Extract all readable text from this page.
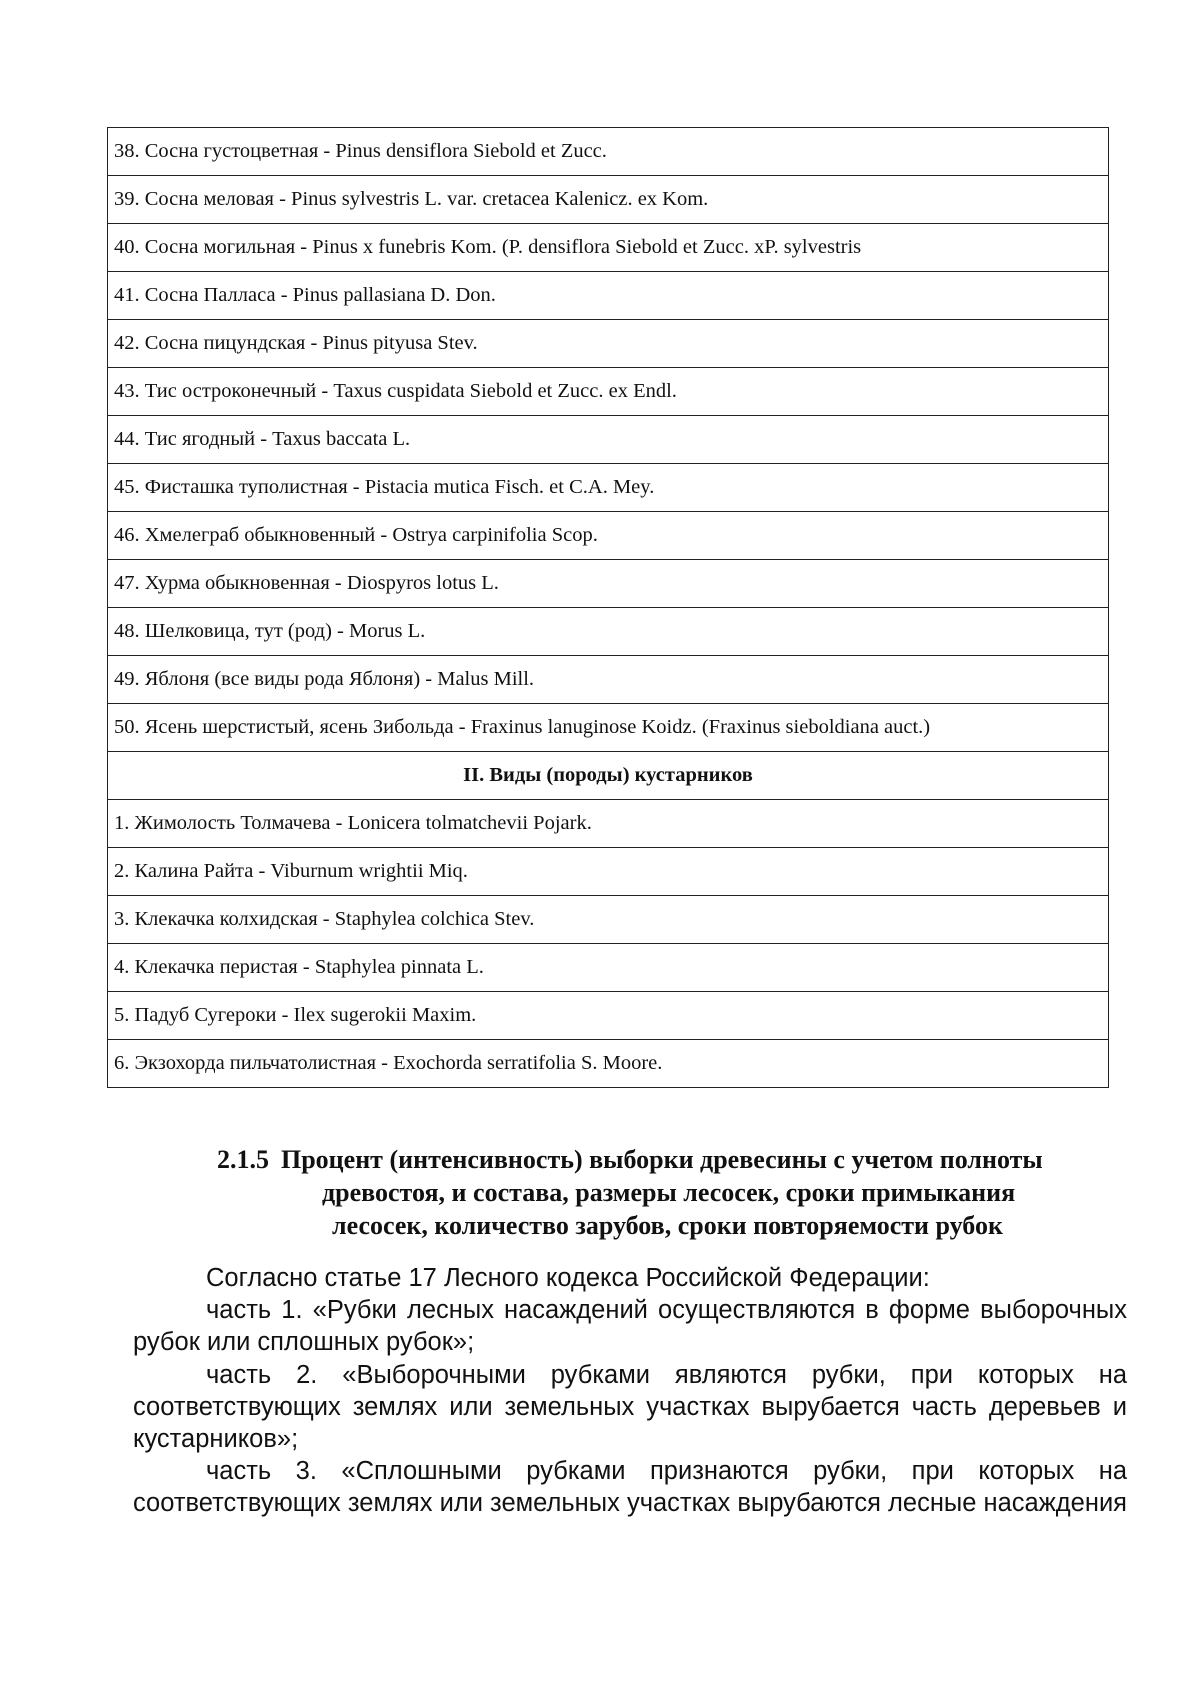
38. Сосна густоцветная - Pinus densiflora Siebold et Zucc.
39. Сосна меловая - Pinus sylvestris L. var. cretacea Kalenicz. ex Kom.
40. Сосна могильная - Pinus x funebris Kom. (P. densiflora Siebold et Zucc. xP. sylvestris
41. Сосна Палласа - Pinus pallasiana D. Don.
42. Сосна пицундская - Pinus pityusa Stev.
43. Тис остроконечный - Taxus cuspidata Siebold et Zucc. ex Endl.
44. Тис ягодный - Taxus baccata L.
45. Фисташка туполистная - Pistacia mutica Fisch. et C.A. Mey.
46. Хмелеграб обыкновенный - Ostrya carpinifolia Scop.
47. Хурма обыкновенная - Diospyros lotus L.
48. Шелковица, тут (род) - Morus L.
49. Яблоня (все виды рода Яблоня) - Malus Mill.
50. Ясень шерстистый, ясень Зибольда - Fraxinus lanuginose Koidz. (Fraxinus sieboldiana auct.)
II. Виды (породы) кустарников
1. Жимолость Толмачева - Lonicera tolmatchevii Pojark.
2. Калина Райта - Viburnum wrightii Miq.
3. Клекачка колхидская - Staphylea colchica Stev.
4. Клекачка перистая - Staphylea pinnata L.
5. Падуб Сугероки - Ilex sugerokii Maxim.
6. Экзохорда пильчатолистная - Exochorda serratifolia S. Moore.
2.1.5 Процент (интенсивность) выборки древесины с учетом полноты
древостоя, и состава, размеры лесосек, сроки примыкания
лесосек, количество зарубов, сроки повторяемости рубок

Согласно статье 17 Лесного кодекса Российской Федерации:

часть 1. «Рубки лесных насаждений осуществляются в форме выборочных рубок или сплошных рубок»;

часть 2. «Выборочными рубками являются рубки, при которых на соответствующих землях или земельных участках вырубается часть деревьев и кустарников»;

часть 3. «Сплошными рубками признаются рубки, при которых на соответствующих землях или земельных участках вырубаются лесные насаждения
